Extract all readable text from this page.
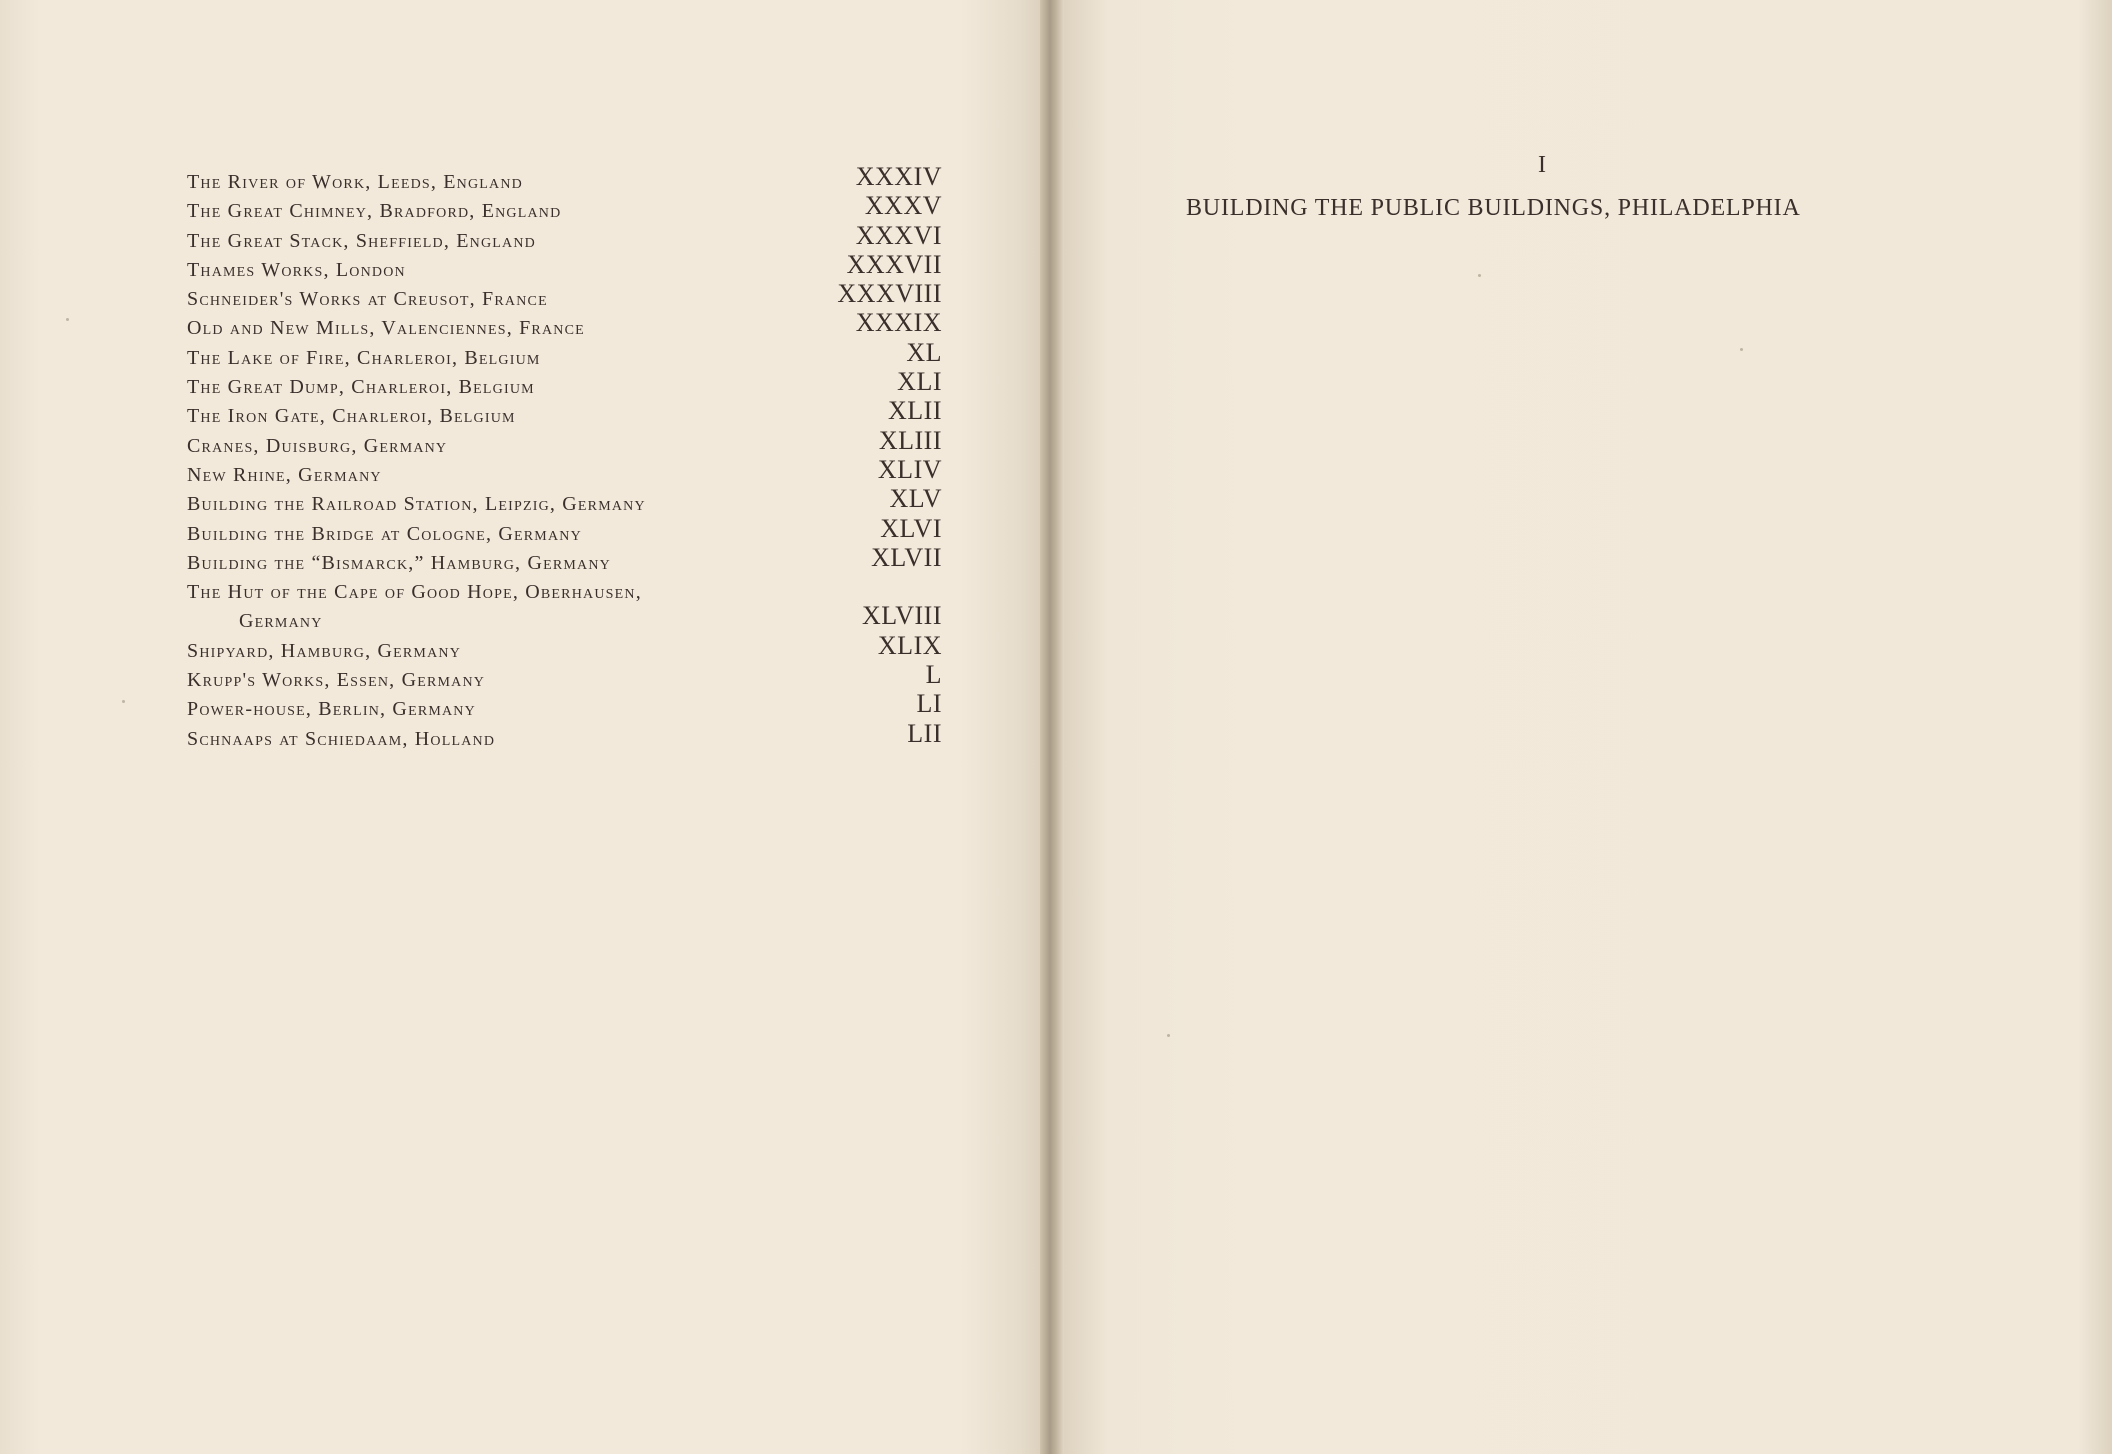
The River of Work, Leeds, England	XXXIV
The Great Chimney, Bradford, England	XXXV
The Great Stack, Sheffield, England	XXXVI
Thames Works, London	XXXVII
Schneider's Works at Creusot, France	XXXVIII
Old and New Mills, Valenciennes, France	XXXIX
The Lake of Fire, Charleroi, Belgium	XL
The Great Dump, Charleroi, Belgium	XLI
The Iron Gate, Charleroi, Belgium	XLII
Cranes, Duisburg, Germany	XLIII
New Rhine, Germany	XLIV
Building the Railroad Station, Leipzig, Germany	XLV
Building the Bridge at Cologne, Germany	XLVI
Building the “Bismarck,” Hamburg, Germany	XLVII
The Hut of the Cape of Good Hope, Oberhausen,
Germany	XLVIII
Shipyard, Hamburg, Germany	XLIX
Krupp's Works, Essen, Germany	L
Power-house, Berlin, Germany	LI
Schnaaps at Schiedaam, Holland	LII
I
BUILDING THE PUBLIC BUILDINGS, PHILADELPHIA
